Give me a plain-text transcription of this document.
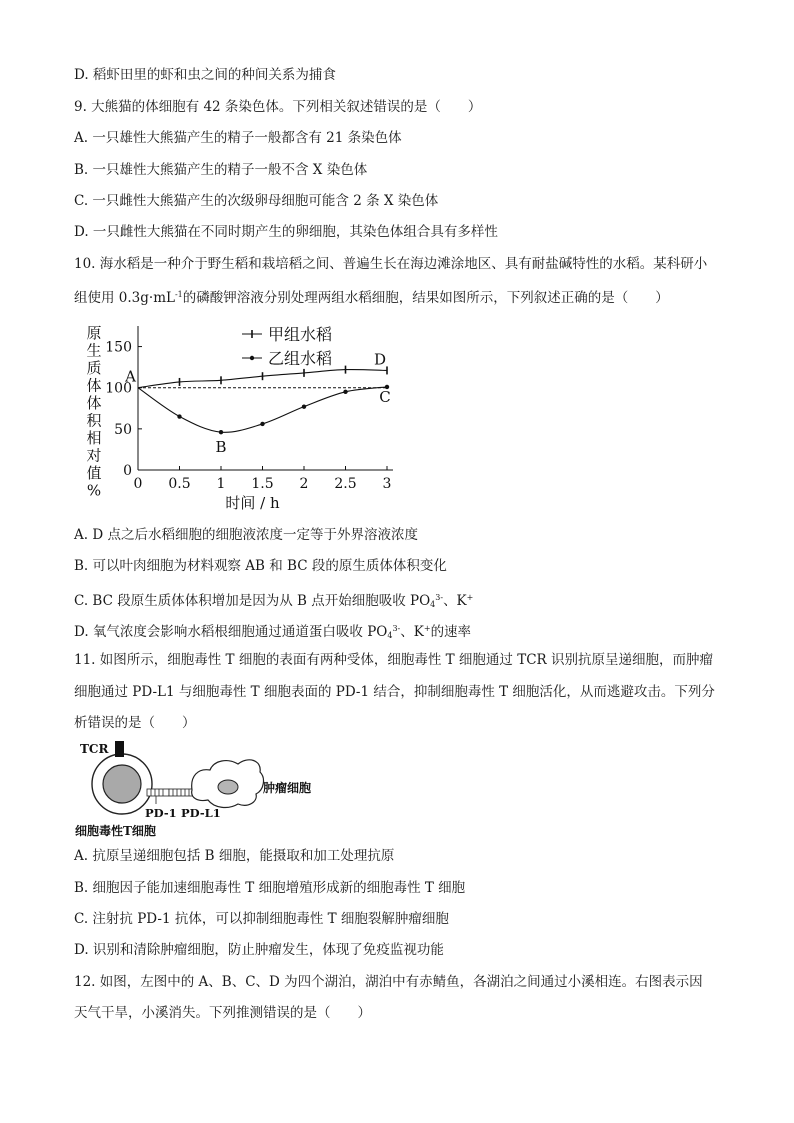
D. 稻虾田里的虾和虫之间的种间关系为捕食
9. 大熊猫的体细胞有 42 条染色体。下列相关叙述错误的是（　　）
A. 一只雄性大熊猫产生的精子一般都含有 21 条染色体
B. 一只雄性大熊猫产生的精子一般不含 X 染色体
C. 一只雌性大熊猫产生的次级卵母细胞可能含 2 条 X 染色体
D. 一只雌性大熊猫在不同时期产生的卵细胞，其染色体组合具有多样性
10. 海水稻是一种介于野生稻和栽培稻之间、普遍生长在海边滩涂地区、具有耐盐碱特性的水稻。某科研小
组使用 $0.3g\cdot mL^{-1}$的磷酸钾溶液分别处理两组水稻细胞，结果如图所示，下列叙述正确的是（　　）
0
50
100
150
0 0.5 1 1.5 2 2.5 3
原
生
质
体
体
积
相
对
值
%
时间 / h
A
B
C
D
甲组水稻
乙组水稻
A. D 点之后水稻细胞的细胞液浓度一定等于外界溶液浓度
B. 可以叶肉细胞为材料观察 AB 和 BC 段的原生质体体积变化
C. BC 段原生质体体积增加是因为从 B 点开始细胞吸收 $PO_4^{3-}$、K+
D. 氧气浓度会影响水稻根细胞通过通道蛋白吸收 $PO_4^{3-}$、K+的速率
11. 如图所示，细胞毒性 T 细胞的表面有两种受体，细胞毒性 T 细胞通过 TCR 识别抗原呈递细胞，而肿瘤
细胞通过 PD-L1 与细胞毒性 T 细胞表面的 PD-1 结合，抑制细胞毒性 T 细胞活化，从而逃避攻击。下列分
析错误的是（　　）
TCR
肿瘤细胞
PD-1 PD-L1
细胞毒性T细胞
A. 抗原呈递细胞包括 B 细胞，能摄取和加工处理抗原
B. 细胞因子能加速细胞毒性 T 细胞增殖形成新的细胞毒性 T 细胞
C. 注射抗 PD-1 抗体，可以抑制细胞毒性 T 细胞裂解肿瘤细胞
D. 识别和清除肿瘤细胞，防止肿瘤发生，体现了免疫监视功能
12. 如图，左图中的 A、B、C、D 为四个湖泊，湖泊中有赤鲭鱼，各湖泊之间通过小溪相连。右图表示因
天气干旱，小溪消失。下列推测错误的是（　　）
